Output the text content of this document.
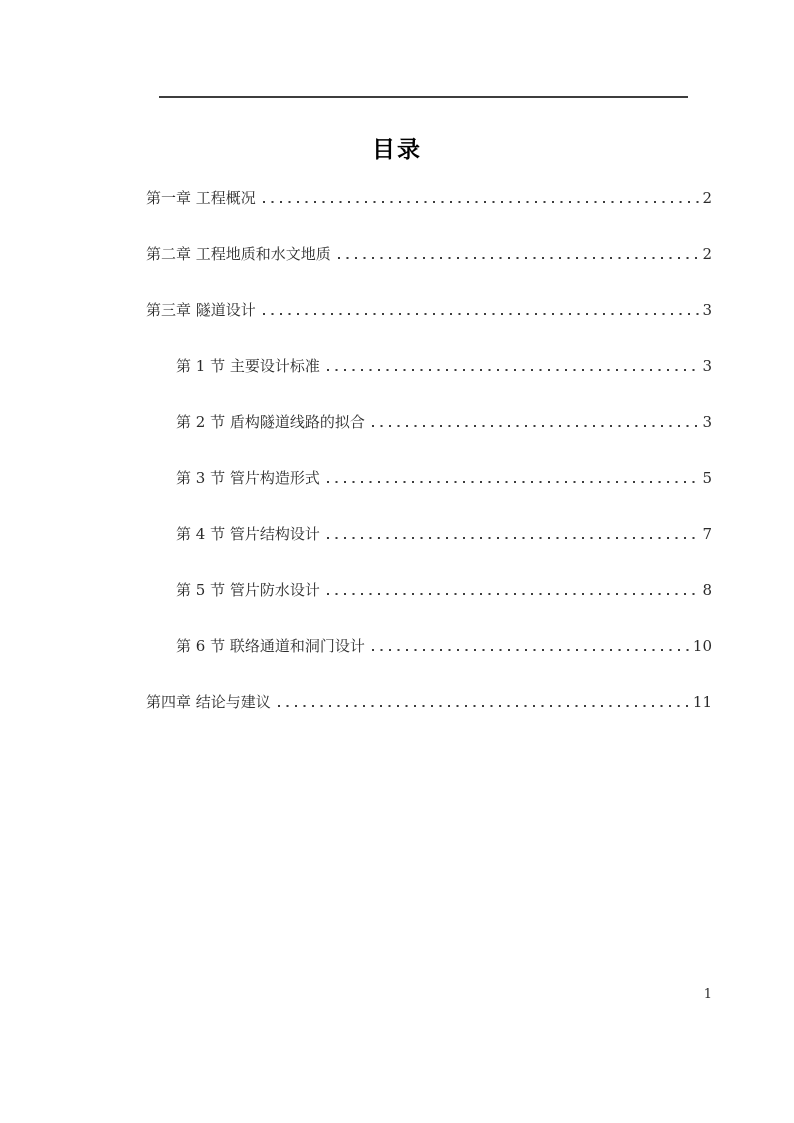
目录
第一章 工程概况	2
第二章 工程地质和水文地质	2
第三章 隧道设计	3
第 1 节 主要设计标准	3
第 2 节 盾构隧道线路的拟合	3
第 3 节 管片构造形式	5
第 4 节 管片结构设计	7
第 5 节 管片防水设计	8
第 6 节 联络通道和洞门设计	10
第四章 结论与建议	11
1
